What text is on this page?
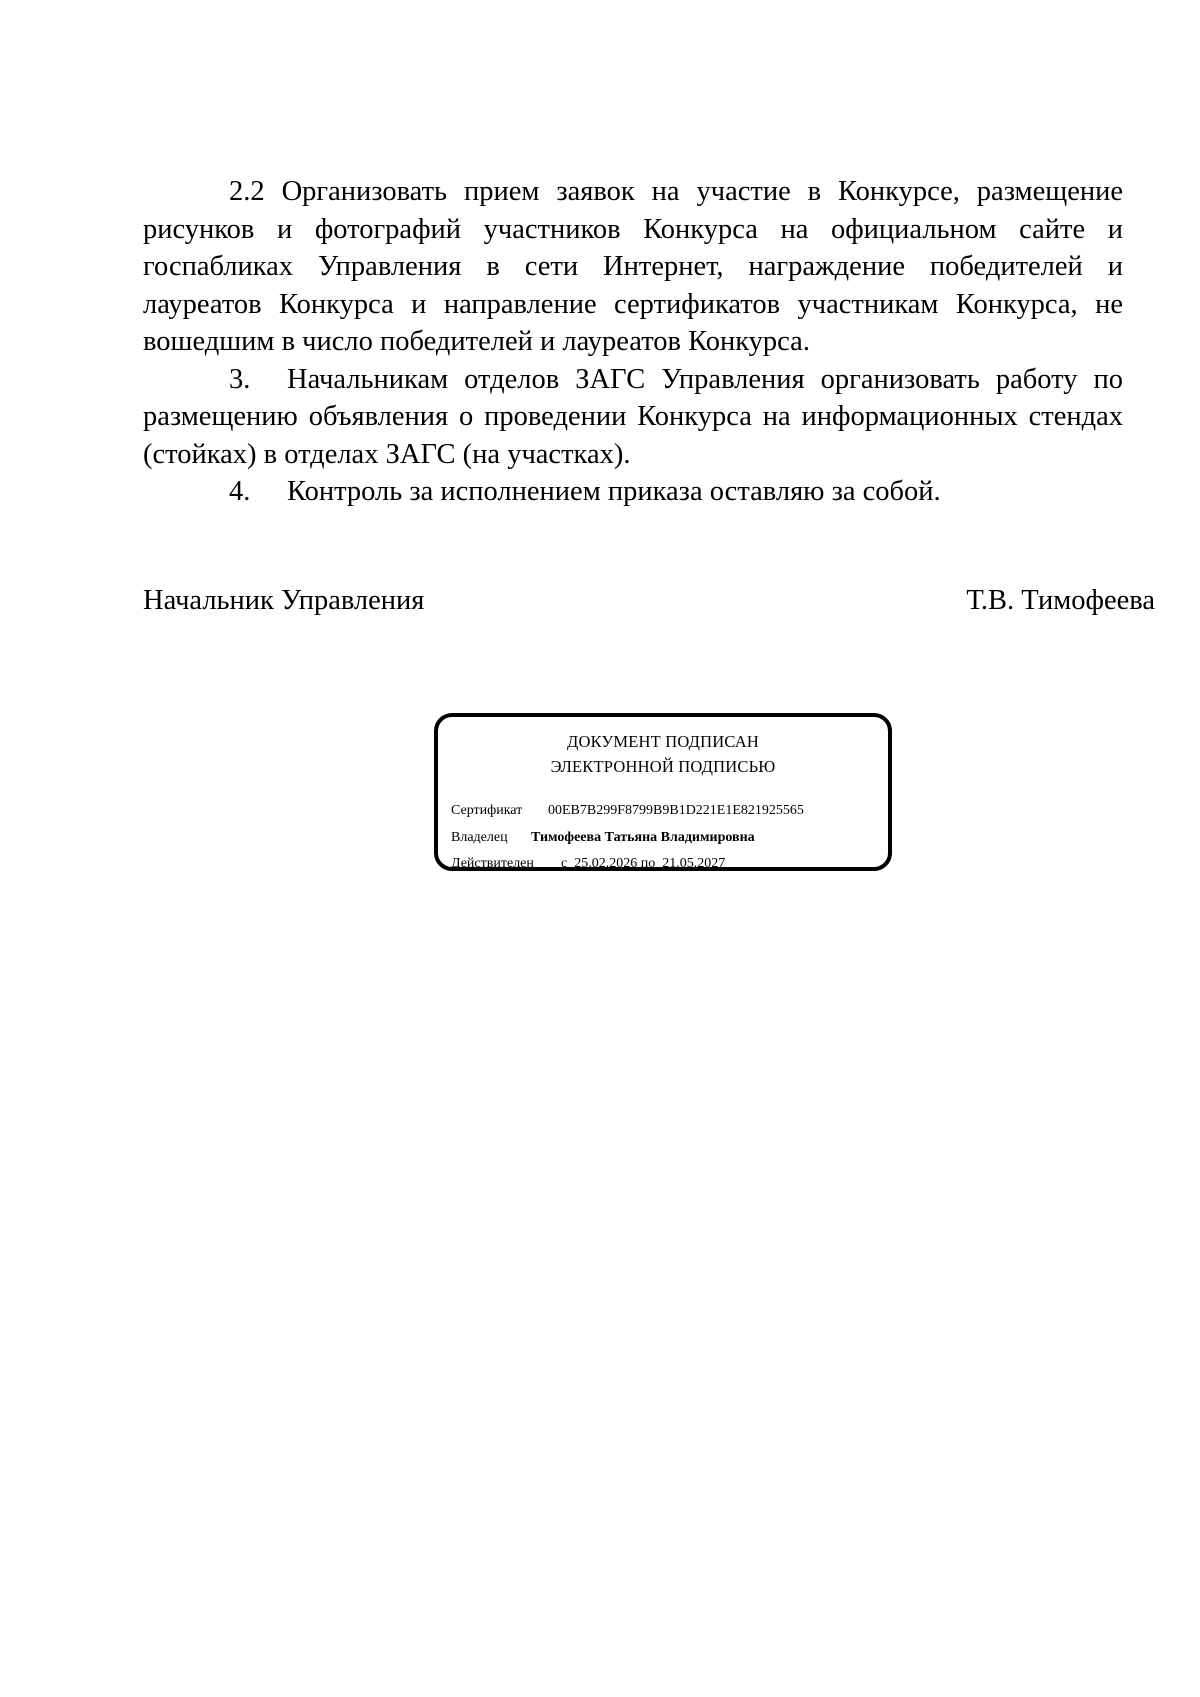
2.2 Организовать прием заявок на участие в Конкурсе, размещение рисунков и фотографий участников Конкурса на официальном сайте и госпабликах Управления в сети Интернет, награждение победителей и лауреатов Конкурса и направление сертификатов участникам Конкурса, не вошедшим в число победителей и лауреатов Конкурса.

3. Начальникам отделов ЗАГС Управления организовать работу по размещению объявления о проведении Конкурса на информационных стендах (стойках) в отделах ЗАГС (на участках).

4. Контроль за исполнением приказа оставляю за собой.

Начальник Управления	Т.В. Тимофеева
ДОКУМЕНТ ПОДПИСАН
ЭЛЕКТРОННОЙ ПОДПИСЬЮ
Сертификат 00EB7B299F8799B9B1D221E1E821925565
Владелец Тимофеева Татьяна Владимировна
Действителен с 25.02.2026 по 21.05.2027
